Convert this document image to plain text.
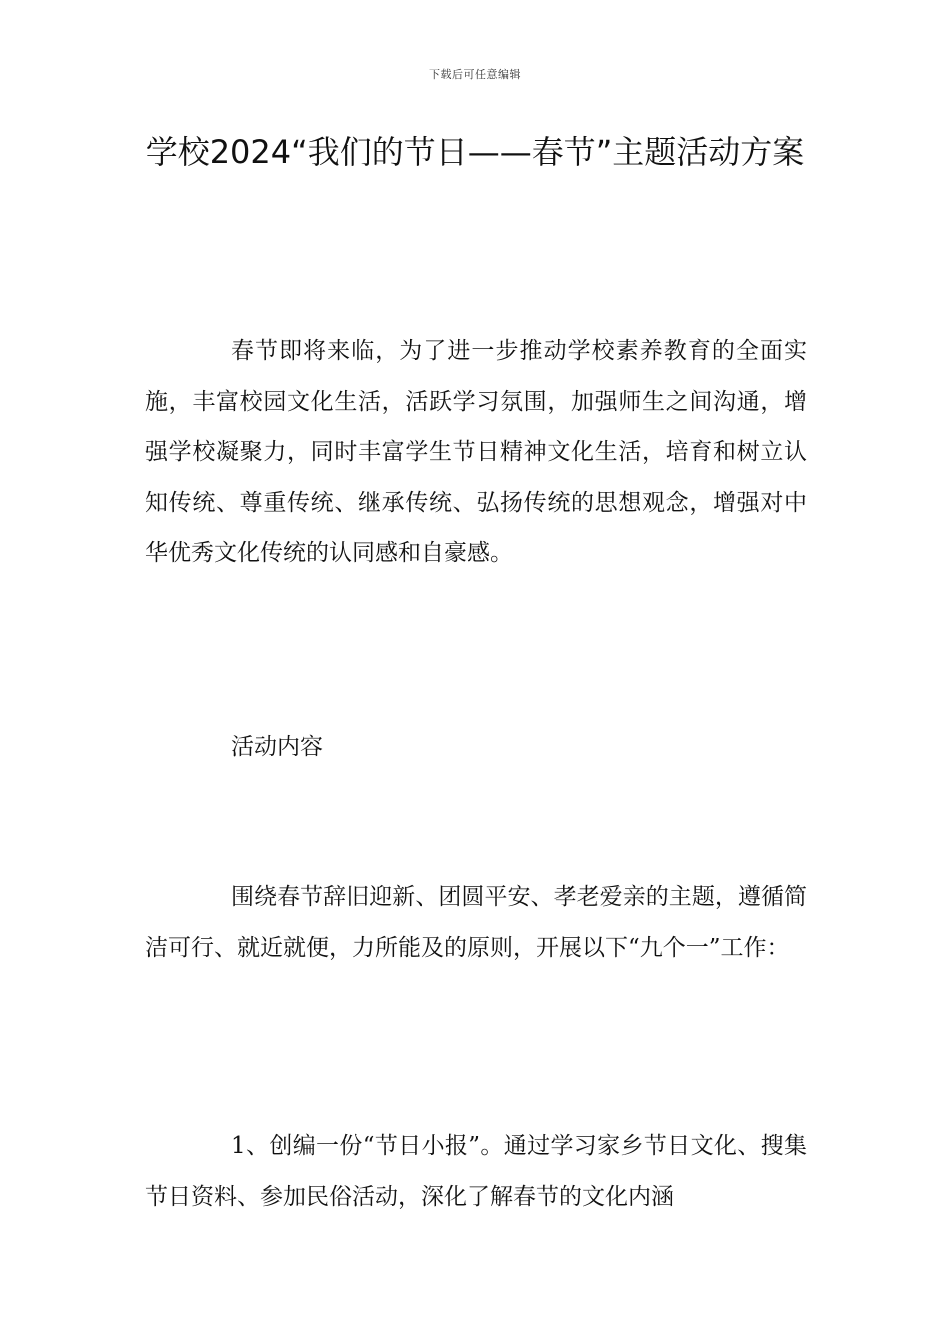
下载后可任意编辑
学校2024“我们的节日——春节”主题活动方案

春节即将来临，为了进一步推动学校素养教育的全面实施，丰富校园文化生活，活跃学习氛围，加强师生之间沟通，增强学校凝聚力，同时丰富学生节日精神文化生活，培育和树立认知传统、尊重传统、继承传统、弘扬传统的思想观念，增强对中华优秀文化传统的认同感和自豪感。

活动内容

围绕春节辞旧迎新、团圆平安、孝老爱亲的主题，遵循简洁可行、就近就便，力所能及的原则，开展以下“九个一”工作：

1、创编一份“节日小报”。通过学习家乡节日文化、搜集节日资料、参加民俗活动，深化了解春节的文化内涵
